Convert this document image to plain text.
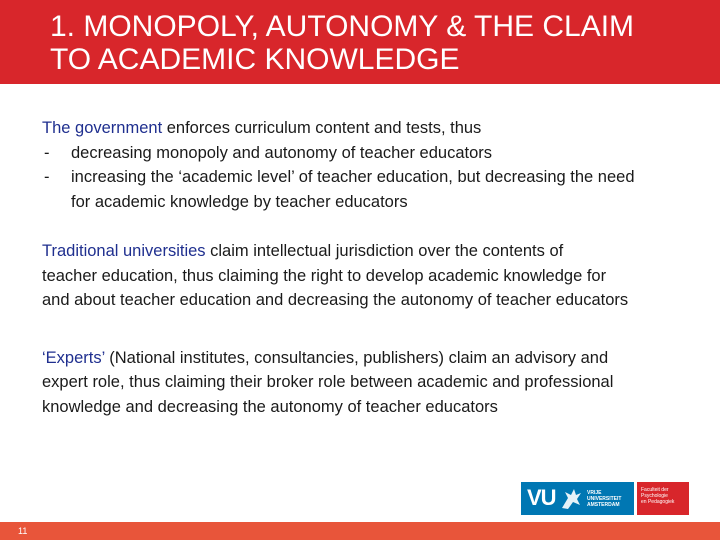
1. MONOPOLY, AUTONOMY & THE CLAIM
TO ACADEMIC KNOWLEDGE
The government enforces curriculum content and tests, thus
-	decreasing monopoly and autonomy of teacher educators
-	increasing the ‘academic level’ of teacher education, but decreasing the need
for academic knowledge by teacher educators
Traditional universities claim intellectual jurisdiction over the contents of
teacher education, thus claiming the right to develop academic knowledge for
and about teacher education and decreasing the autonomy of teacher educators
‘Experts’ (National institutes, consultancies, publishers) claim an advisory and
expert role, thus claiming their broker role between academic and professional
knowledge and decreasing the autonomy of teacher educators
VU	VRIJE
UNIVERSITEIT
AMSTERDAM
Faculteit der
Psychologie
en Pedagogiek
11
